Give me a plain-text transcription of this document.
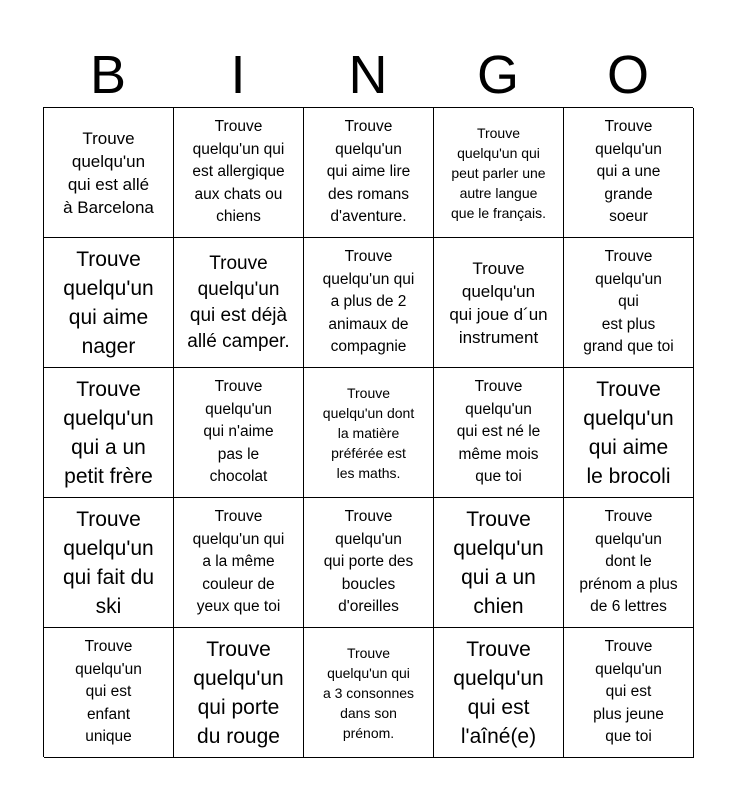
B	I	N	G	O
Trouve
quelqu'un
qui est allé
à Barcelona
Trouve
quelqu'un qui
est allergique
aux chats ou
chiens
Trouve
quelqu'un
qui aime lire
des romans
d'aventure.
Trouve
quelqu'un qui
peut parler une
autre langue
que le français.
Trouve
quelqu'un
qui a une
grande
soeur
Trouve
quelqu'un
qui aime
nager
Trouve
quelqu'un
qui est déjà
allé camper.
Trouve
quelqu'un qui
a plus de 2
animaux de
compagnie
Trouve
quelqu'un
qui joue d´un
instrument
Trouve
quelqu'un
qui
est plus
grand que toi
Trouve
quelqu'un
qui a un
petit frère
Trouve
quelqu'un
qui n'aime
pas le
chocolat
Trouve
quelqu'un dont
la matière
préférée est
les maths.
Trouve
quelqu'un
qui est né le
même mois
que toi
Trouve
quelqu'un
qui aime
le brocoli
Trouve
quelqu'un
qui fait du
ski
Trouve
quelqu'un qui
a la même
couleur de
yeux que toi
Trouve
quelqu'un
qui porte des
boucles
d'oreilles
Trouve
quelqu'un
qui a un
chien
Trouve
quelqu'un
dont le
prénom a plus
de 6 lettres
Trouve
quelqu'un
qui est
enfant
unique
Trouve
quelqu'un
qui porte
du rouge
Trouve
quelqu'un qui
a 3 consonnes
dans son
prénom.
Trouve
quelqu'un
qui est
l'aîné(e)
Trouve
quelqu'un
qui est
plus jeune
que toi
